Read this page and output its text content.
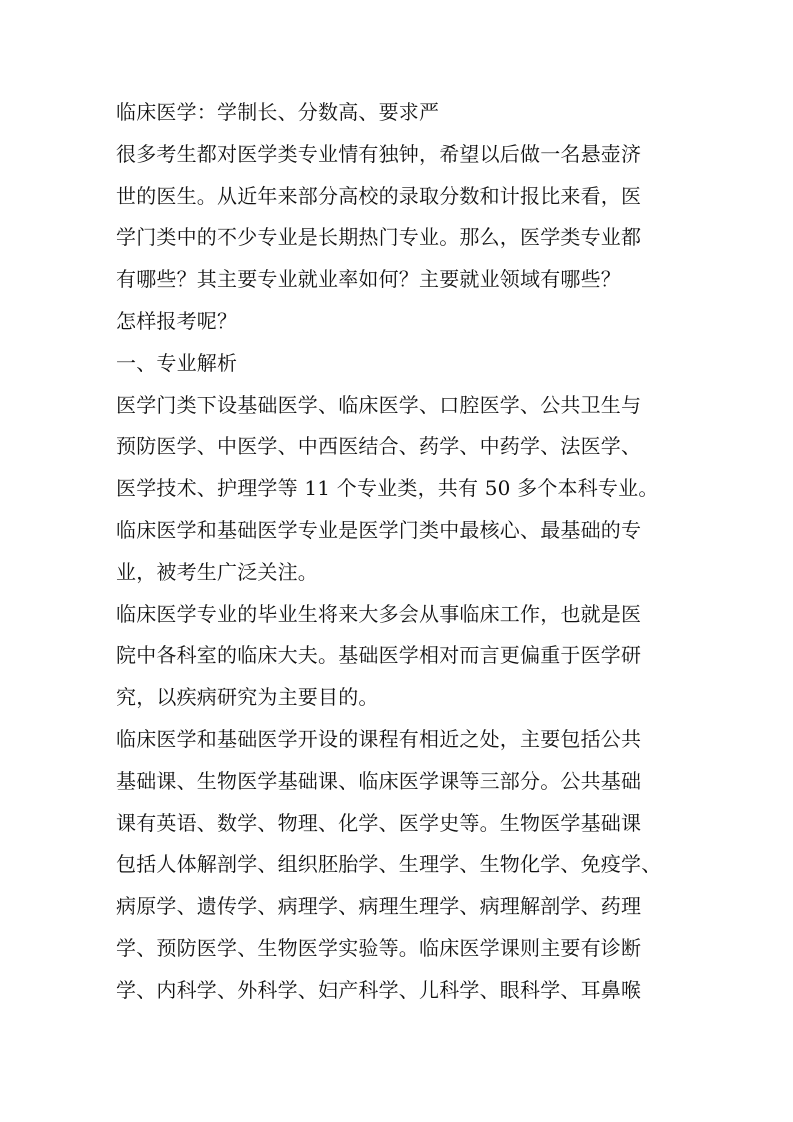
临床医学：学制长、分数高、要求严
很多考生都对医学类专业情有独钟，希望以后做一名悬壶济
世的医生。从近年来部分高校的录取分数和计报比来看，医
学门类中的不少专业是长期热门专业。那么，医学类专业都
有哪些？其主要专业就业率如何？主要就业领域有哪些？
怎样报考呢？
一、专业解析
医学门类下设基础医学、临床医学、口腔医学、公共卫生与
预防医学、中医学、中西医结合、药学、中药学、法医学、
医学技术、护理学等 11 个专业类，共有 50 多个本科专业。
临床医学和基础医学专业是医学门类中最核心、最基础的专
业，被考生广泛关注。
临床医学专业的毕业生将来大多会从事临床工作，也就是医
院中各科室的临床大夫。基础医学相对而言更偏重于医学研
究，以疾病研究为主要目的。
临床医学和基础医学开设的课程有相近之处，主要包括公共
基础课、生物医学基础课、临床医学课等三部分。公共基础
课有英语、数学、物理、化学、医学史等。生物医学基础课
包括人体解剖学、组织胚胎学、生理学、生物化学、免疫学、
病原学、遗传学、病理学、病理生理学、病理解剖学、药理
学、预防医学、生物医学实验等。临床医学课则主要有诊断
学、内科学、外科学、妇产科学、儿科学、眼科学、耳鼻喉
